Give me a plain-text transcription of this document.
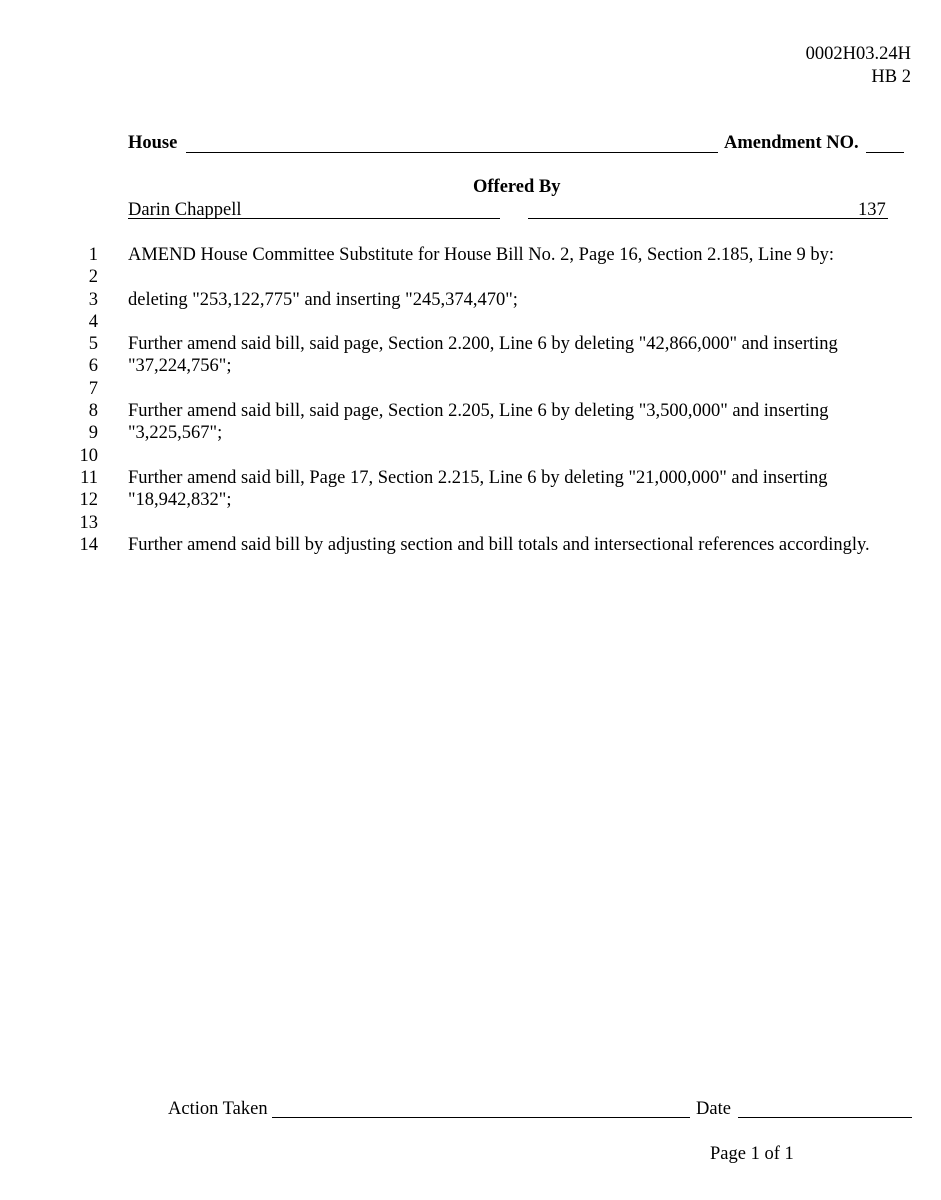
0002H03.24H
HB 2
House	Amendment NO.
Offered By
Darin Chappell	137
1 AMEND House Committee Substitute for House Bill No. 2, Page 16, Section 2.185, Line 9 by:
2
3 deleting "253,122,775" and inserting "245,374,470";
4
5 Further amend said bill, said page, Section 2.200, Line 6 by deleting "42,866,000" and inserting
6 "37,224,756";
7
8 Further amend said bill, said page, Section 2.205, Line 6 by deleting "3,500,000" and inserting
9 "3,225,567";
10
11 Further amend said bill, Page 17, Section 2.215, Line 6 by deleting "21,000,000" and inserting
12 "18,942,832";
13
14 Further amend said bill by adjusting section and bill totals and intersectional references accordingly.
Action Taken	Date
Page 1 of 1
